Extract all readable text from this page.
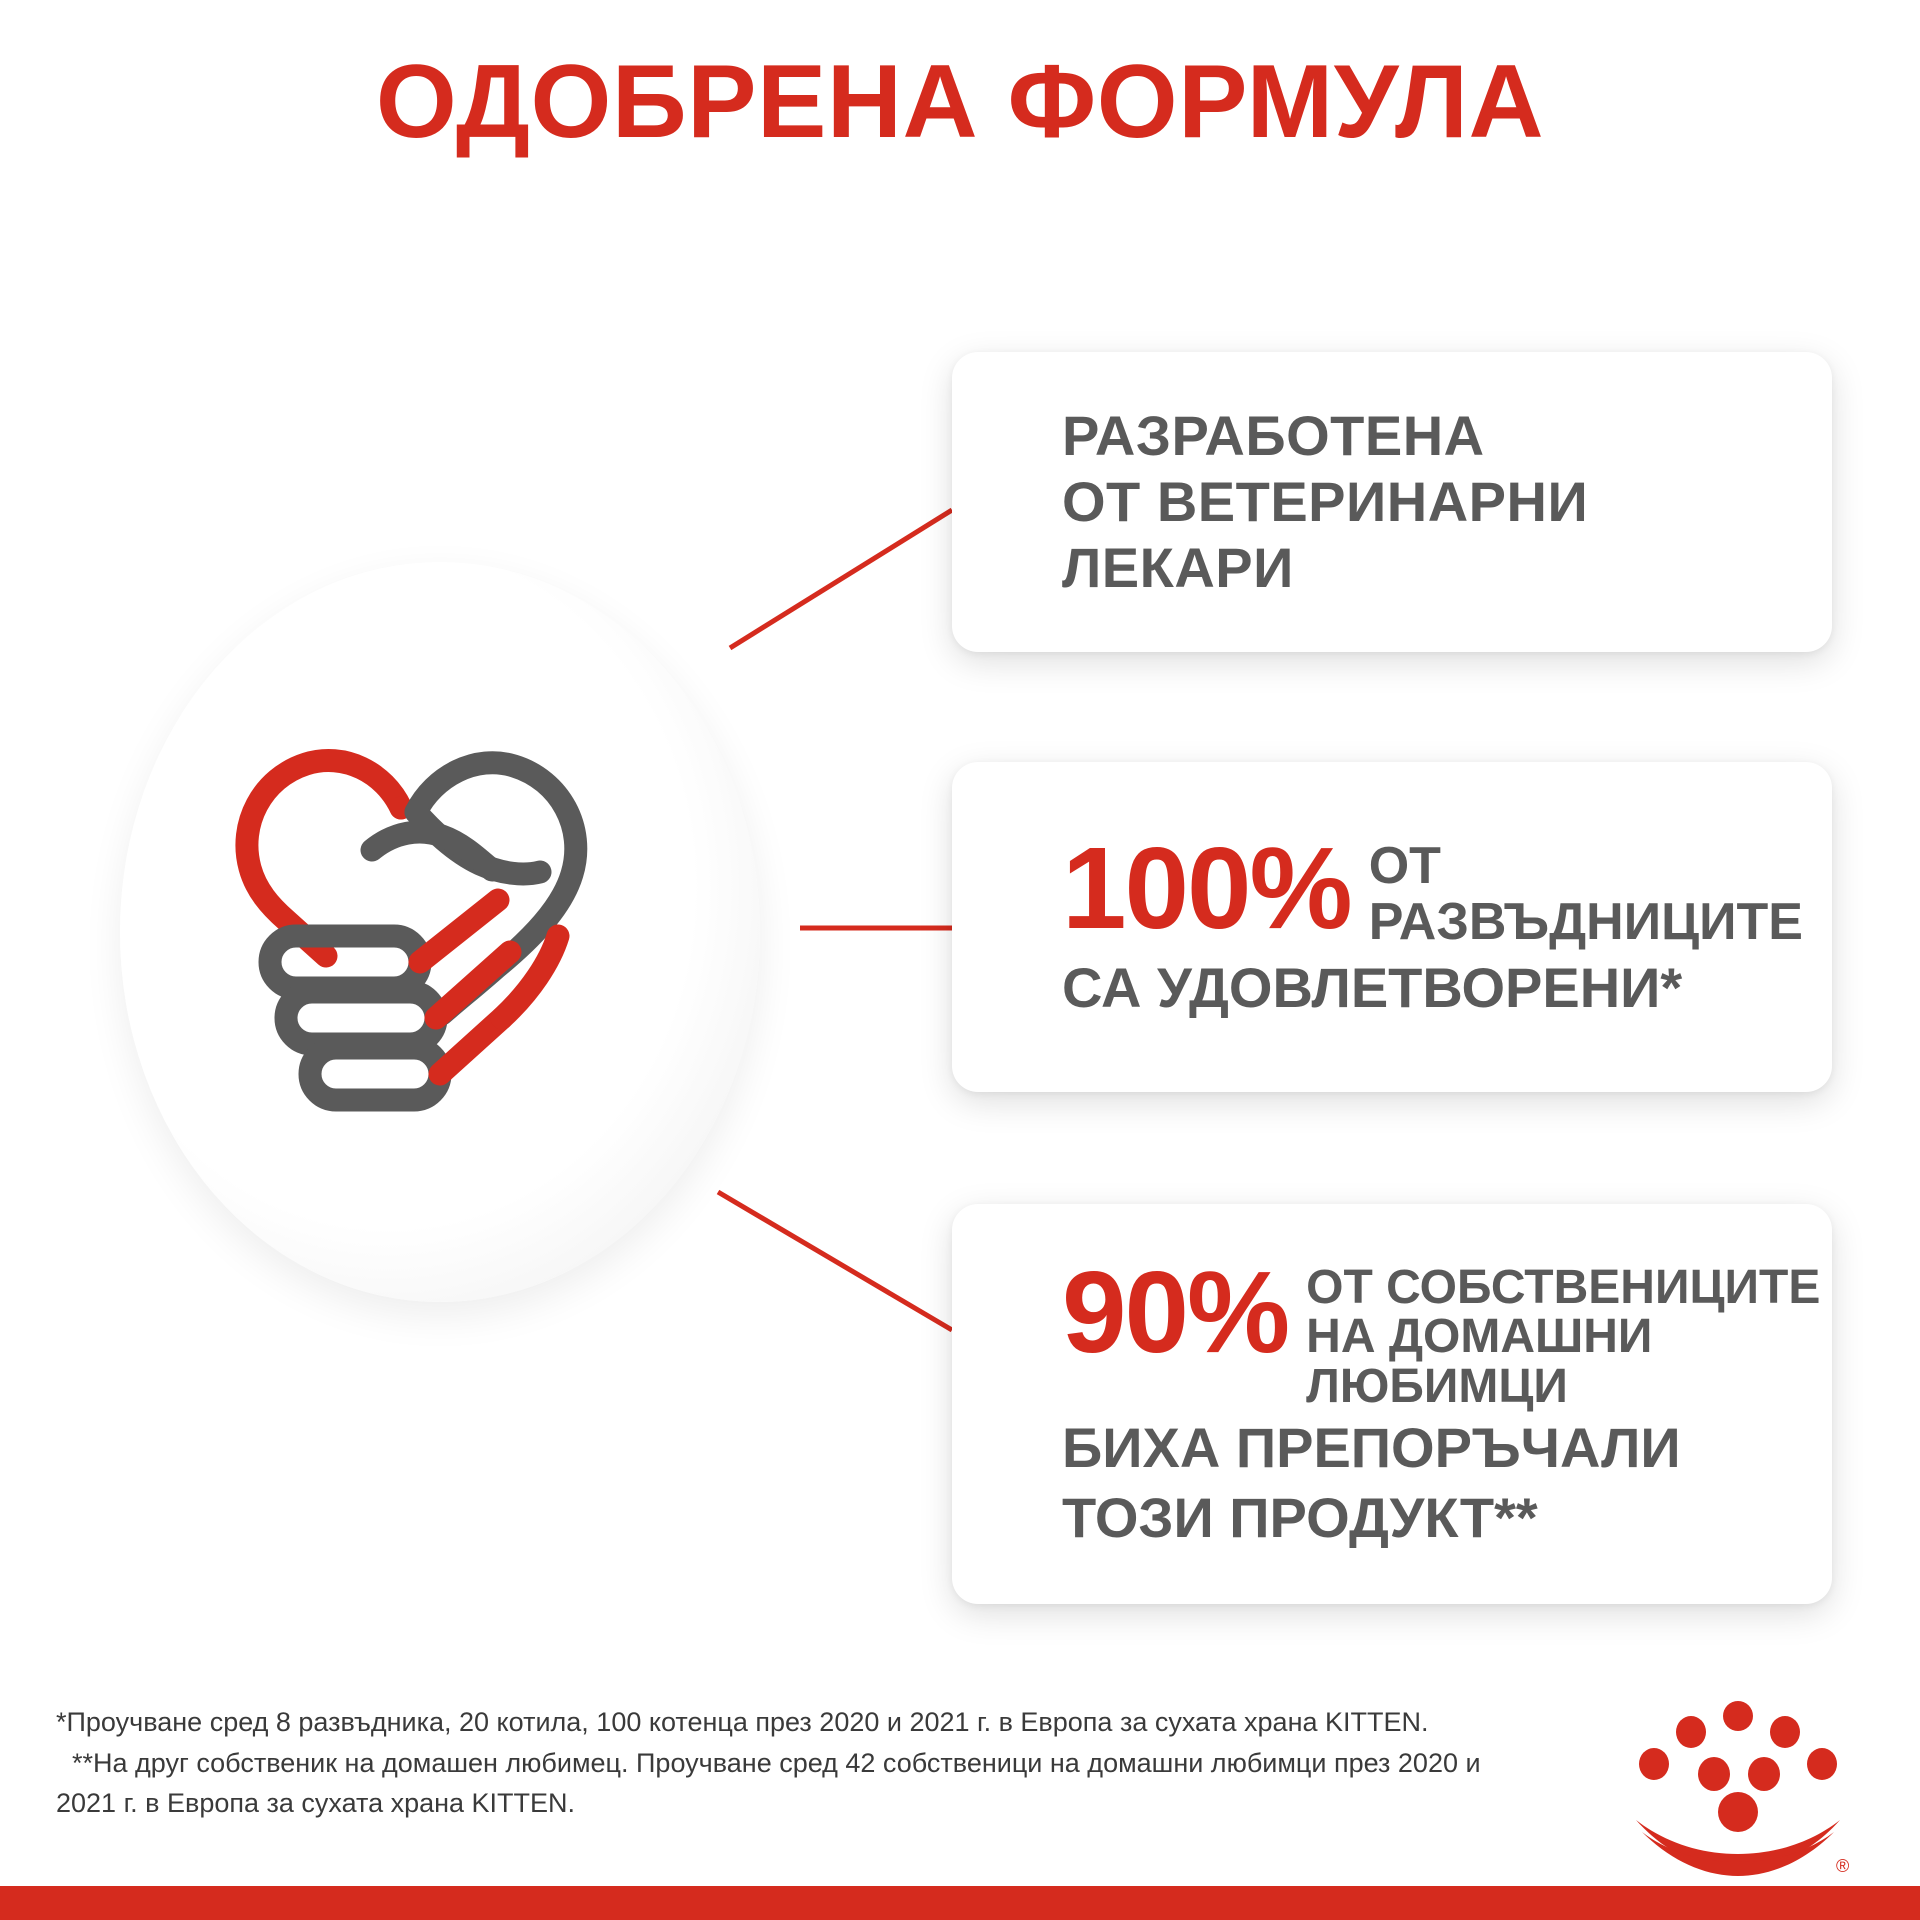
ОДОБРЕНА ФОРМУЛА
РАЗРАБОТЕНА
ОТ ВЕТЕРИНАРНИ
ЛЕКАРИ
100% ОТ
РАЗВЪДНИЦИТЕ
СА УДОВЛЕТВОРЕНИ*
90% ОТ СОБСТВЕНИЦИТЕ
НА ДОМАШНИ
ЛЮБИМЦИ
БИХА ПРЕПОРЪЧАЛИ
ТОЗИ ПРОДУКТ**

*Проучване сред 8 развъдника, 20 котила, 100 котенца през 2020 и 2021 г. в Европа за сухата храна KITTEN.

**На друг собственик на домашен любимец. Проучване сред 42 собственици на домашни любимци през 2020 и

2021 г. в Европа за сухата храна KITTEN.

®
